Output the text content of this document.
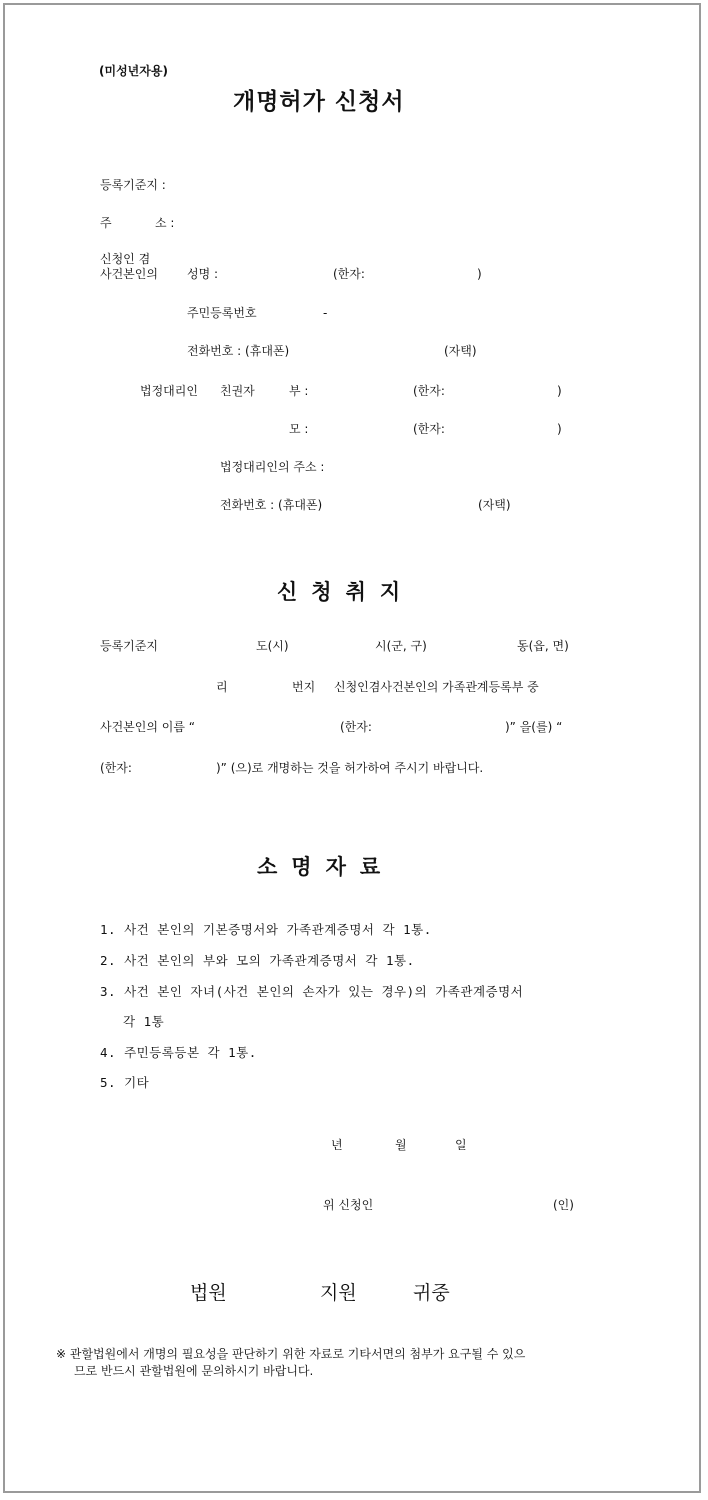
(미성년자용)
개명허가 신청서
등록기준지 :
주	소 :
신청인 겸
사건본인의 성명 :	(한자:	)
주민등록번호	-
전화번호 : (휴대폰)	(자택)
법정대리인 친권자	부 :	(한자:	)
모 :	(한자:	)
법정대리인의 주소 :
전화번호 : (휴대폰)	(자택)
신청취지
등록기준지	도(시)	시(군, 구)	동(읍, 면)
리	번지 신청인겸사건본인의 가족관계등록부 중
사건본인의 이름 “	(한자:	)” 을(를) “
(한자:	)” (으)로 개명하는 것을 허가하여 주시기 바랍니다.
소명자료
1. 사건 본인의 기본증명서와 가족관계증명서 각 1통.
2. 사건 본인의 부와 모의 가족관계증명서 각 1통.
3. 사건 본인 자녀(사건 본인의 손자가 있는 경우)의 가족관계증명서
각 1통
4. 주민등록등본 각 1통.
5. 기타
년	월	일
위 신청인	(인)
법원	지원	귀중
※ 관할법원에서 개명의 필요성을 판단하기 위한 자료로 기타서면의 첨부가 요구될 수 있으
므로 반드시 관할법원에 문의하시기 바랍니다.
